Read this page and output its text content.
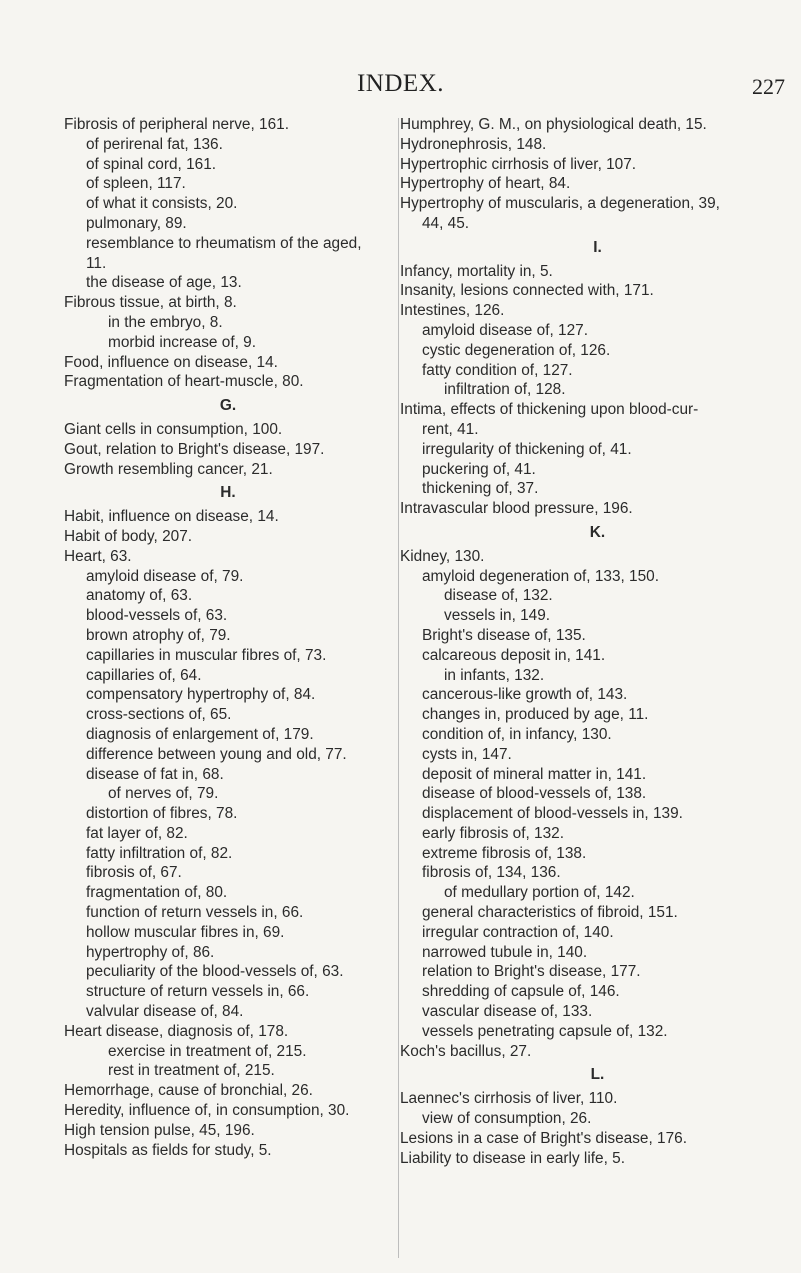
INDEX.	227
Fibrosis of peripheral nerve, 161.
of perirenal fat, 136.
of spinal cord, 161.
of spleen, 117.
of what it consists, 20.
pulmonary, 89.
resemblance to rheumatism of the aged,
11.
the disease of age, 13.
Fibrous tissue, at birth, 8.
in the embryo, 8.
morbid increase of, 9.
Food, influence on disease, 14.
Fragmentation of heart-muscle, 80.
G.
Giant cells in consumption, 100.
Gout, relation to Bright's disease, 197.
Growth resembling cancer, 21.
H.
Habit, influence on disease, 14.
Habit of body, 207.
Heart, 63.
amyloid disease of, 79.
anatomy of, 63.
blood-vessels of, 63.
brown atrophy of, 79.
capillaries in muscular fibres of, 73.
capillaries of, 64.
compensatory hypertrophy of, 84.
cross-sections of, 65.
diagnosis of enlargement of, 179.
difference between young and old, 77.
disease of fat in, 68.
of nerves of, 79.
distortion of fibres, 78.
fat layer of, 82.
fatty infiltration of, 82.
fibrosis of, 67.
fragmentation of, 80.
function of return vessels in, 66.
hollow muscular fibres in, 69.
hypertrophy of, 86.
peculiarity of the blood-vessels of, 63.
structure of return vessels in, 66.
valvular disease of, 84.
Heart disease, diagnosis of, 178.
exercise in treatment of, 215.
rest in treatment of, 215.
Hemorrhage, cause of bronchial, 26.
Heredity, influence of, in consumption, 30.
High tension pulse, 45, 196.
Hospitals as fields for study, 5.
Humphrey, G. M., on physiological death, 15.
Hydronephrosis, 148.
Hypertrophic cirrhosis of liver, 107.
Hypertrophy of heart, 84.
Hypertrophy of muscularis, a degeneration, 39,
44, 45.
I.
Infancy, mortality in, 5.
Insanity, lesions connected with, 171.
Intestines, 126.
amyloid disease of, 127.
cystic degeneration of, 126.
fatty condition of, 127.
infiltration of, 128.
Intima, effects of thickening upon blood-cur-
rent, 41.
irregularity of thickening of, 41.
puckering of, 41.
thickening of, 37.
Intravascular blood pressure, 196.
K.
Kidney, 130.
amyloid degeneration of, 133, 150.
disease of, 132.
vessels in, 149.
Bright's disease of, 135.
calcareous deposit in, 141.
in infants, 132.
cancerous-like growth of, 143.
changes in, produced by age, 11.
condition of, in infancy, 130.
cysts in, 147.
deposit of mineral matter in, 141.
disease of blood-vessels of, 138.
displacement of blood-vessels in, 139.
early fibrosis of, 132.
extreme fibrosis of, 138.
fibrosis of, 134, 136.
of medullary portion of, 142.
general characteristics of fibroid, 151.
irregular contraction of, 140.
narrowed tubule in, 140.
relation to Bright's disease, 177.
shredding of capsule of, 146.
vascular disease of, 133.
vessels penetrating capsule of, 132.
Koch's bacillus, 27.
L.
Laennec's cirrhosis of liver, 110.
view of consumption, 26.
Lesions in a case of Bright's disease, 176.
Liability to disease in early life, 5.
